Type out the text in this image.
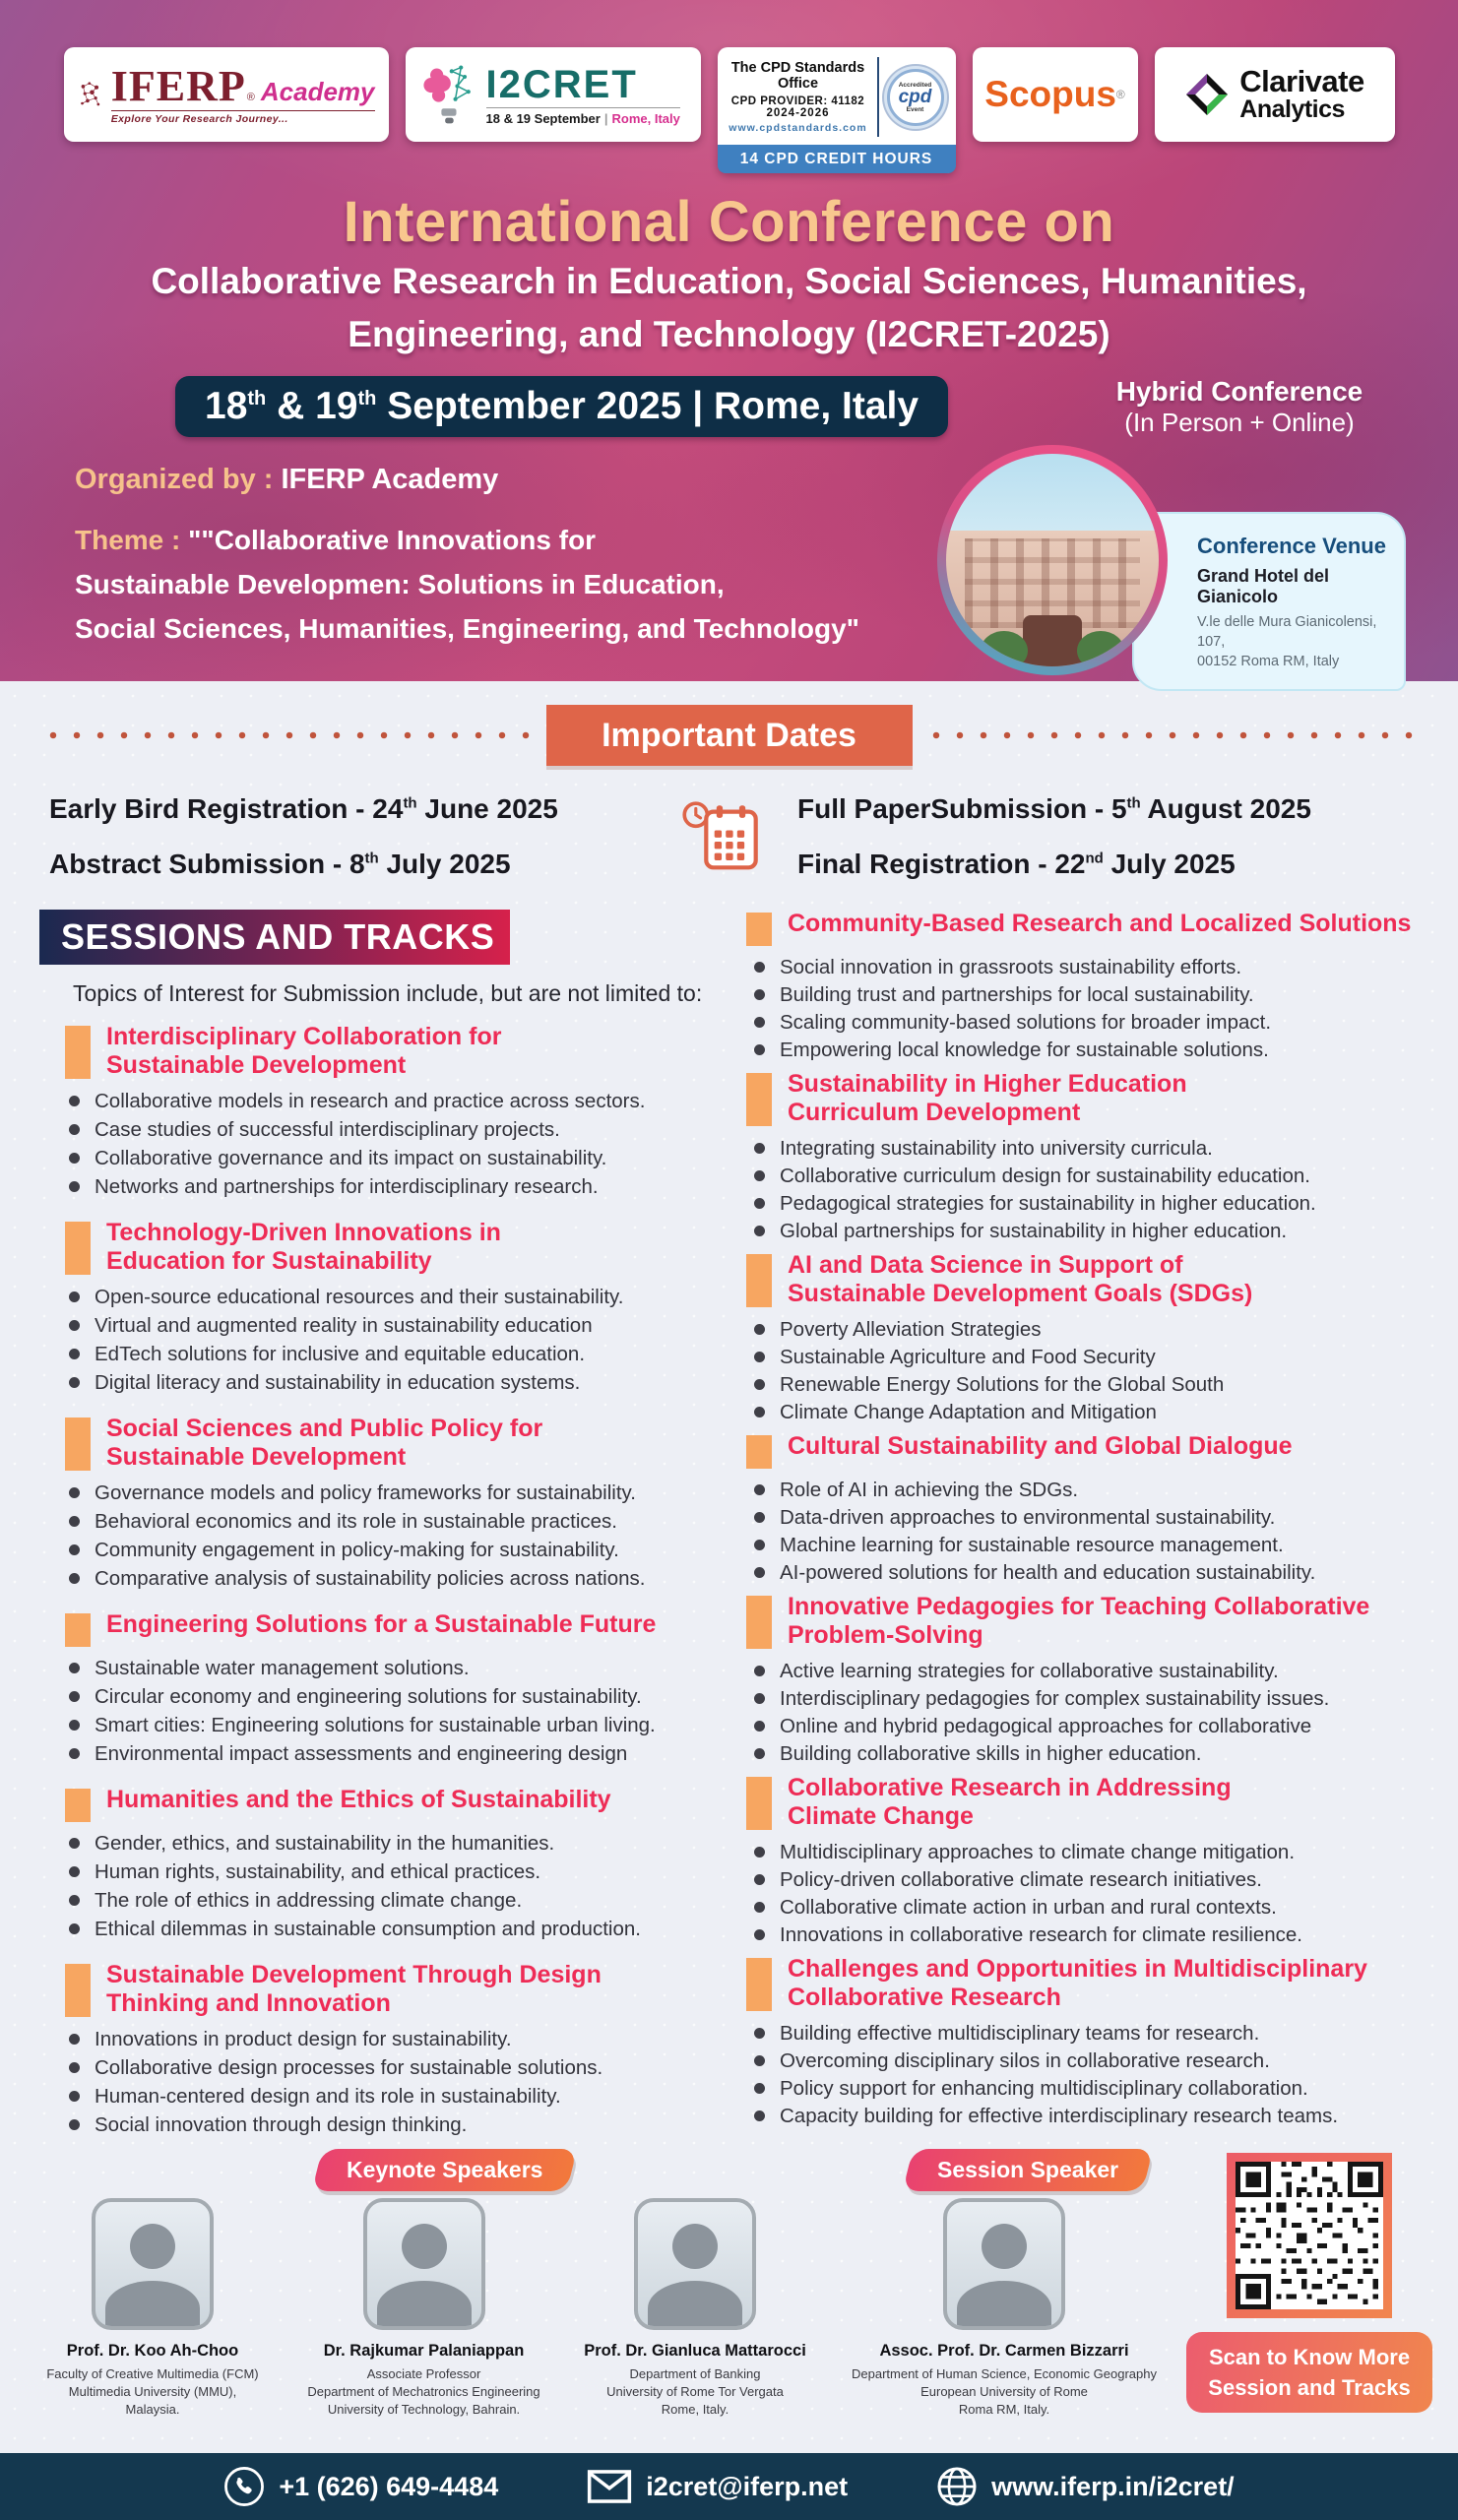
IFERP ® Academy
Explore Your Research Journey...
I2CRET
18 & 19 September | Rome, Italy
The CPD Standards Office
CPD PROVIDER: 41182
2024-2026
www.cpdstandards.com
Accredited
cpd
Event
14 CPD CREDIT HOURS
Scopus ®	Clarivate
Analytics
International Conference on
Collaborative Research in Education, Social Sciences, Humanities,
Engineering, and Technology (I2CRET-2025)
18th & 19th September 2025 | Rome, Italy	Hybrid Conference
(In Person + Online)

Organized by : IFERP Academy

Theme : ""Collaborative Innovations for

Sustainable Developmen: Solutions in Education,

Social Sciences, Humanities, Engineering, and Technology"

Conference Venue
Grand Hotel del Gianicolo
V.le delle Mura Gianicolensi, 107,
00152 Roma RM, Italy
Important Dates
Early Bird Registration - 24th June 2025
Abstract Submission - 8th July 2025
Full PaperSubmission - 5th August 2025
Final Registration - 22nd July 2025
SESSIONS AND TRACKS

Topics of Interest for Submission include, but are not limited to:

Interdisciplinary Collaboration for Sustainable Development
Collaborative models in research and practice across sectors.
Case studies of successful interdisciplinary projects.
Collaborative governance and its impact on sustainability.
Networks and partnerships for interdisciplinary research.
Technology-Driven Innovations in Education for Sustainability
Open-source educational resources and their sustainability.
Virtual and augmented reality in sustainability education
EdTech solutions for inclusive and equitable education.
Digital literacy and sustainability in education systems.
Social Sciences and Public Policy for Sustainable Development
Governance models and policy frameworks for sustainability.
Behavioral economics and its role in sustainable practices.
Community engagement in policy-making for sustainability.
Comparative analysis of sustainability policies across nations.
Engineering Solutions for a Sustainable Future
Sustainable water management solutions.
Circular economy and engineering solutions for sustainability.
Smart cities: Engineering solutions for sustainable urban living.
Environmental impact assessments and engineering design
Humanities and the Ethics of Sustainability
Gender, ethics, and sustainability in the humanities.
Human rights, sustainability, and ethical practices.
The role of ethics in addressing climate change.
Ethical dilemmas in sustainable consumption and production.
Sustainable Development Through Design Thinking and Innovation
Innovations in product design for sustainability.
Collaborative design processes for sustainable solutions.
Human-centered design and its role in sustainability.
Social innovation through design thinking.
Community-Based Research and Localized Solutions
Social innovation in grassroots sustainability efforts.
Building trust and partnerships for local sustainability.
Scaling community-based solutions for broader impact.
Empowering local knowledge for sustainable solutions.
Sustainability in Higher Education Curriculum Development
Integrating sustainability into university curricula.
Collaborative curriculum design for sustainability education.
Pedagogical strategies for sustainability in higher education.
Global partnerships for sustainability in higher education.
AI and Data Science in Support of Sustainable Development Goals (SDGs)
Poverty Alleviation Strategies
Sustainable Agriculture and Food Security
Renewable Energy Solutions for the Global South
Climate Change Adaptation and Mitigation
Cultural Sustainability and Global Dialogue
Role of AI in achieving the SDGs.
Data-driven approaches to environmental sustainability.
Machine learning for sustainable resource management.
AI-powered solutions for health and education sustainability.
Innovative Pedagogies for Teaching Collaborative Problem-Solving
Active learning strategies for collaborative sustainability.
Interdisciplinary pedagogies for complex sustainability issues.
Online and hybrid pedagogical approaches for collaborative
Building collaborative skills in higher education.
Collaborative Research in Addressing Climate Change
Multidisciplinary approaches to climate change mitigation.
Policy-driven collaborative climate research initiatives.
Collaborative climate action in urban and rural contexts.
Innovations in collaborative research for climate resilience.
Challenges and Opportunities in Multidisciplinary Collaborative Research
Building effective multidisciplinary teams for research.
Overcoming disciplinary silos in collaborative research.
Policy support for enhancing multidisciplinary collaboration.
Capacity building for effective interdisciplinary research teams.
Keynote Speakers	Session Speaker
Prof. Dr. Koo Ah-Choo
Faculty of Creative Multimedia (FCM)
Multimedia University (MMU),
Malaysia.
Dr. Rajkumar Palaniappan
Associate Professor
Department of Mechatronics Engineering
University of Technology, Bahrain.
Prof. Dr. Gianluca Mattarocci
Department of Banking
University of Rome Tor Vergata
Rome, Italy.
Assoc. Prof. Dr. Carmen Bizzarri
Department of Human Science, Economic Geography
European University of Rome
Roma RM, Italy.
Scan to Know More
Session and Tracks
+1 (626) 649-4484	i2cret@iferp.net	www.iferp.in/i2cret/
